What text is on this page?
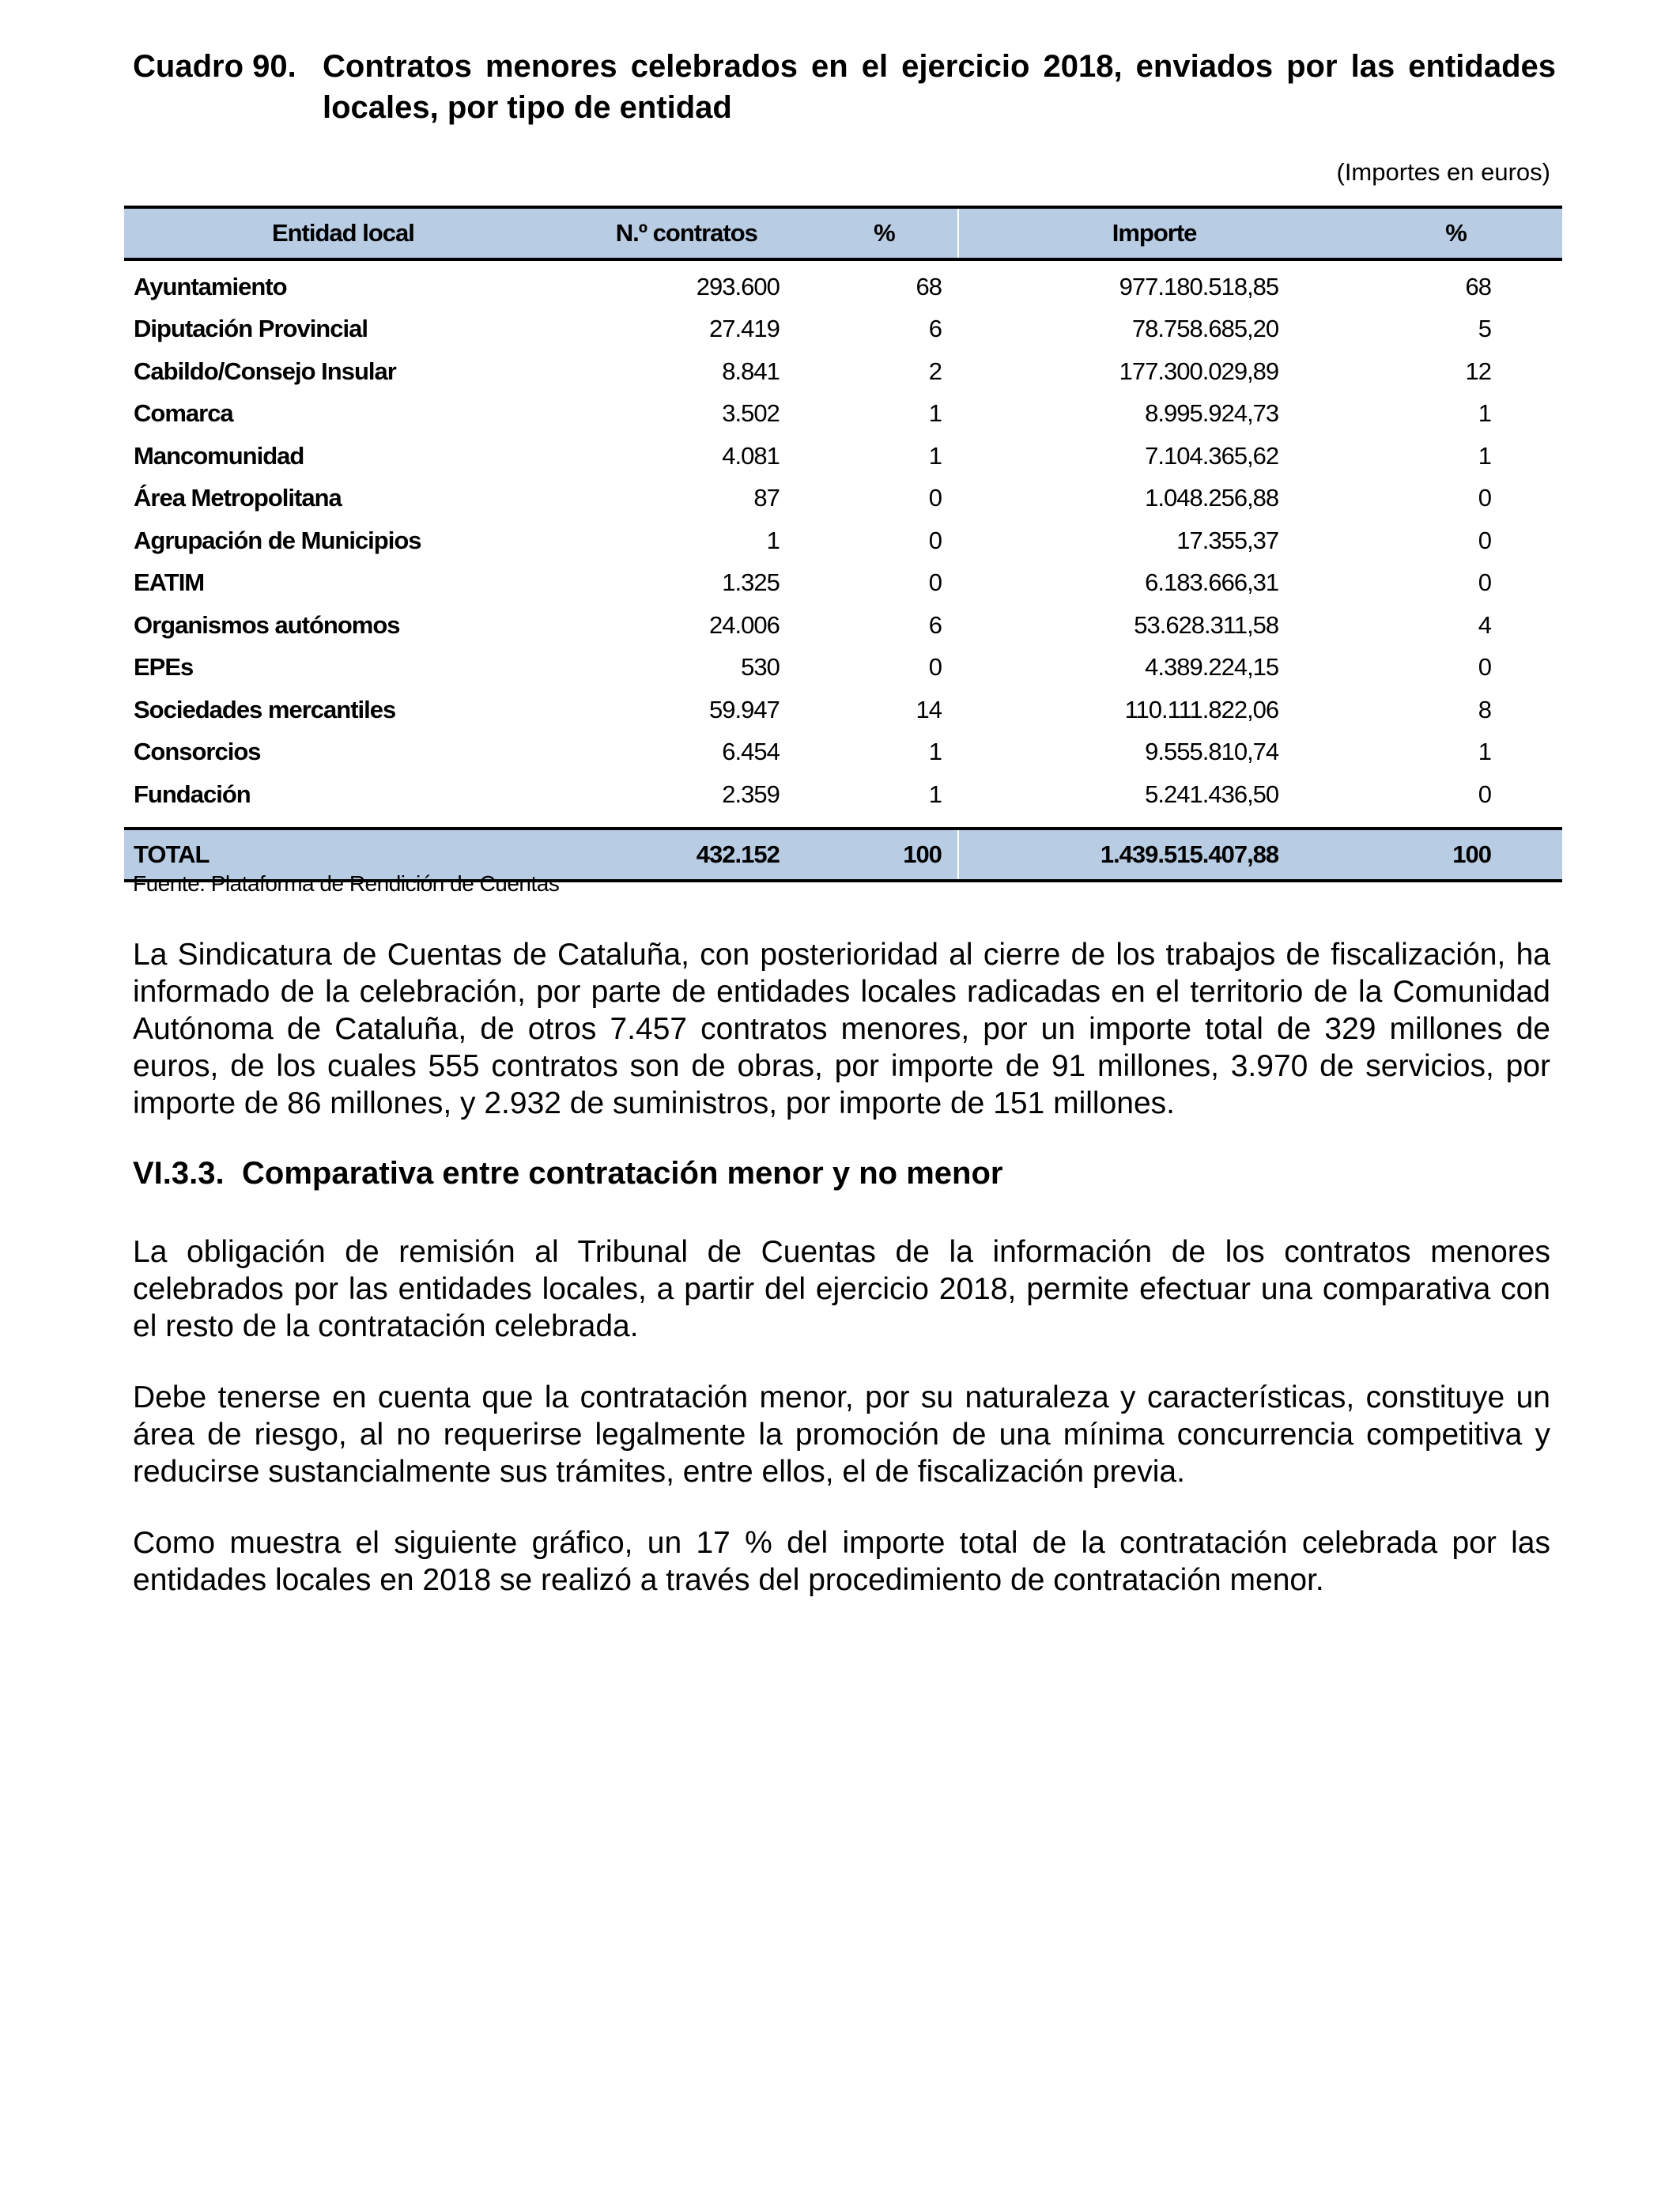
Cuadro 90. Contratos menores celebrados en el ejercicio 2018, enviados por las entidades locales, por tipo de entidad
(Importes en euros)
Entidad local	N.º contratos	%	Importe	%
Ayuntamiento	293.600	68	977.180.518,85	68
Diputación Provincial	27.419	6	78.758.685,20	5
Cabildo/Consejo Insular	8.841	2	177.300.029,89	12
Comarca	3.502	1	8.995.924,73	1
Mancomunidad	4.081	1	7.104.365,62	1
Área Metropolitana	87	0	1.048.256,88	0
Agrupación de Municipios	1	0	17.355,37	0
EATIM	1.325	0	6.183.666,31	0
Organismos autónomos	24.006	6	53.628.311,58	4
EPEs	530	0	4.389.224,15	0
Sociedades mercantiles	59.947	14	110.111.822,06	8
Consorcios	6.454	1	9.555.810,74	1
Fundación	2.359	1	5.241.436,50	0
TOTAL	432.152	100	1.439.515.407,88	100
Fuente: Plataforma de Rendición de Cuentas

La Sindicatura de Cuentas de Cataluña, con posterioridad al cierre de los trabajos de fiscalización, ha informado de la celebración, por parte de entidades locales radicadas en el territorio de la Comunidad Autónoma de Cataluña, de otros 7.457 contratos menores, por un importe total de 329 millones de euros, de los cuales 555 contratos son de obras, por importe de 91 millones, 3.970 de servicios, por importe de 86 millones, y 2.932 de suministros, por importe de 151 millones.

VI.3.3. Comparativa entre contratación menor y no menor

La obligación de remisión al Tribunal de Cuentas de la información de los contratos menores celebrados por las entidades locales, a partir del ejercicio 2018, permite efectuar una comparativa con el resto de la contratación celebrada.

Debe tenerse en cuenta que la contratación menor, por su naturaleza y características, constituye un área de riesgo, al no requerirse legalmente la promoción de una mínima concurrencia competitiva y reducirse sustancialmente sus trámites, entre ellos, el de fiscalización previa.

Como muestra el siguiente gráfico, un 17 % del importe total de la contratación celebrada por las entidades locales en 2018 se realizó a través del procedimiento de contratación menor.
